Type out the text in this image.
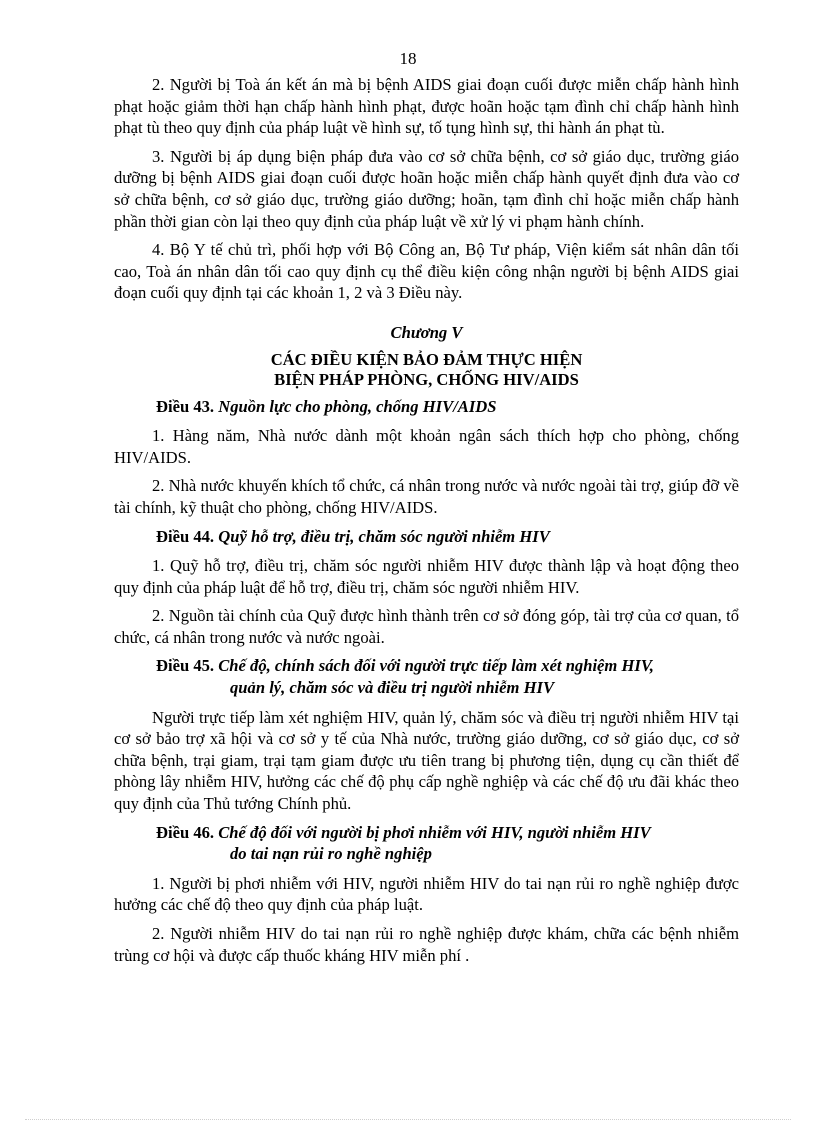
18

2. Người bị Toà án kết án mà bị bệnh AIDS giai đoạn cuối được miễn chấp hành hình phạt hoặc giảm thời hạn chấp hành hình phạt, được hoãn hoặc tạm đình chỉ chấp hành hình phạt tù theo quy định của pháp luật về hình sự, tố tụng hình sự, thi hành án phạt tù.

3. Người bị áp dụng biện pháp đưa vào cơ sở chữa bệnh, cơ sở giáo dục, trường giáo dưỡng bị bệnh AIDS giai đoạn cuối được hoãn hoặc miễn chấp hành quyết định đưa vào cơ sở chữa bệnh, cơ sở giáo dục, trường giáo dưỡng; hoãn, tạm đình chỉ hoặc miễn chấp hành phần thời gian còn lại theo quy định của pháp luật về xử lý vi phạm hành chính.

4. Bộ Y tế chủ trì, phối hợp với Bộ Công an, Bộ Tư pháp, Viện kiểm sát nhân dân tối cao, Toà án nhân dân tối cao quy định cụ thể điều kiện công nhận người bị bệnh AIDS giai đoạn cuối quy định tại các khoản 1, 2 và 3 Điều này.

Chương V
CÁC ĐIỀU KIỆN BẢO ĐẢM THỰC HIỆN
BIỆN PHÁP PHÒNG, CHỐNG HIV/AIDS
Điều 43. Nguồn lực cho phòng, chống HIV/AIDS

1. Hàng năm, Nhà nước dành một khoản ngân sách thích hợp cho phòng, chống HIV/AIDS.

2. Nhà nước khuyến khích tổ chức, cá nhân trong nước và nước ngoài tài trợ, giúp đỡ về tài chính, kỹ thuật cho phòng, chống HIV/AIDS.

Điều 44. Quỹ hỗ trợ, điều trị, chăm sóc người nhiễm HIV

1. Quỹ hỗ trợ, điều trị, chăm sóc người nhiễm HIV được thành lập và hoạt động theo quy định của pháp luật để hỗ trợ, điều trị, chăm sóc người nhiễm HIV.

2. Nguồn tài chính của Quỹ được hình thành trên cơ sở đóng góp, tài trợ của cơ quan, tổ chức, cá nhân trong nước và nước ngoài.

Điều 45. Chế độ, chính sách đối với người trực tiếp làm xét nghiệm HIV,
quản lý, chăm sóc và điều trị người nhiễm HIV

Người trực tiếp làm xét nghiệm HIV, quản lý, chăm sóc và điều trị người nhiễm HIV tại cơ sở bảo trợ xã hội và cơ sở y tế của Nhà nước, trường giáo dưỡng, cơ sở giáo dục, cơ sở chữa bệnh, trại giam, trại tạm giam được ưu tiên trang bị phương tiện, dụng cụ cần thiết để phòng lây nhiễm HIV, hưởng các chế độ phụ cấp nghề nghiệp và các chế độ ưu đãi khác theo quy định của Thủ tướng Chính phủ.

Điều 46. Chế độ đối với người bị phơi nhiễm với HIV, người nhiễm HIV
do tai nạn rủi ro nghề nghiệp

1. Người bị phơi nhiễm với HIV, người nhiễm HIV do tai nạn rủi ro nghề nghiệp được hưởng các chế độ theo quy định của pháp luật.

2. Người nhiễm HIV do tai nạn rủi ro nghề nghiệp được khám, chữa các bệnh nhiễm trùng cơ hội và được cấp thuốc kháng HIV miễn phí .
